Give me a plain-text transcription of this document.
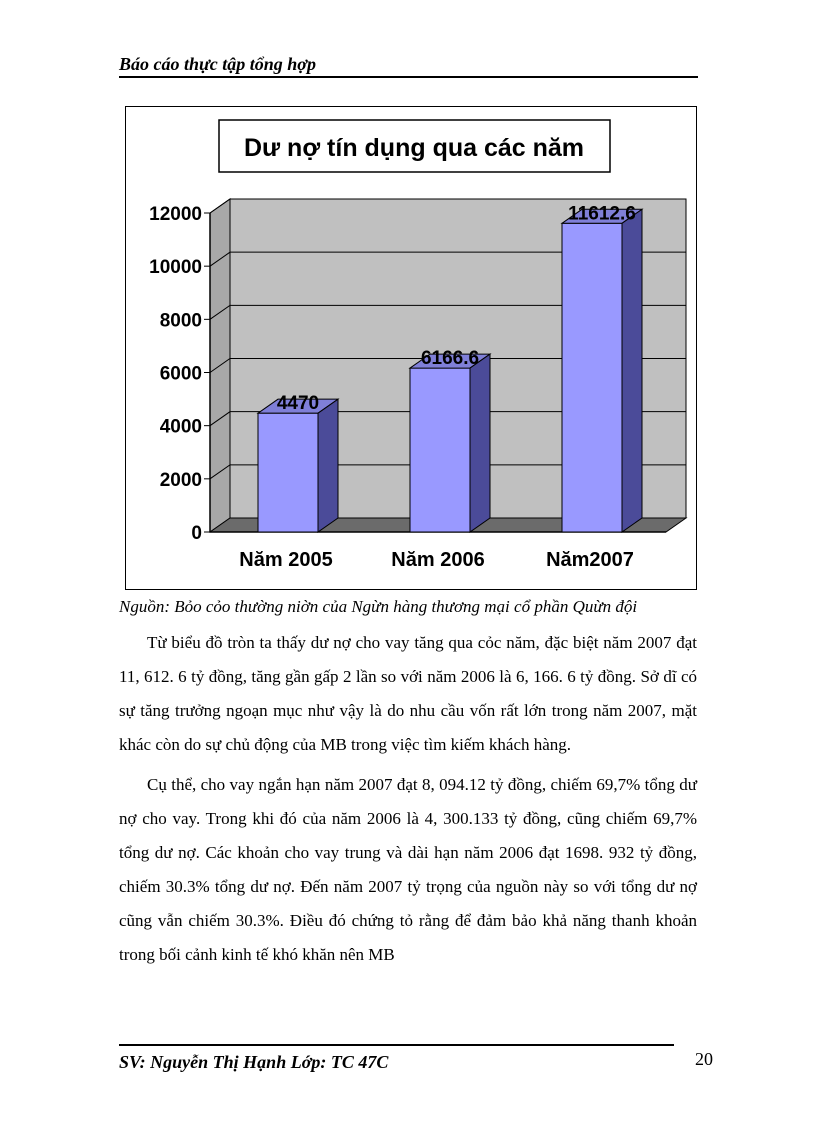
Báo cáo thực tập tổng hợp
Dư nợ tín dụng qua các năm
0
2000
4000
6000
8000
10000
12000
4470
6166.6
11612.6
Năm 2005	Năm 2006	Năm2007
Nguồn: Bỏo cỏo thường niờn của Ngừn hàng thương mại cổ phần Quừn đội

Từ biểu đồ tròn ta thấy dư nợ cho vay tăng qua cỏc năm, đặc biệt năm 2007 đạt 11, 612. 6 tỷ đồng, tăng gần gấp 2 lần so với năm 2006 là 6, 166. 6 tỷ đồng. Sở dĩ có sự tăng trưởng ngoạn mục như vậy là do nhu cầu vốn rất lớn trong năm 2007, mặt khác còn do sự chủ động của MB trong việc tìm kiếm khách hàng.

Cụ thể, cho vay ngắn hạn năm 2007 đạt 8, 094.12 tỷ đồng, chiếm 69,7% tổng dư nợ cho vay. Trong khi đó của năm 2006 là 4, 300.133 tỷ đồng, cũng chiếm 69,7% tổng dư nợ. Các khoản cho vay trung và dài hạn năm 2006 đạt 1698. 932 tỷ đồng, chiếm 30.3% tổng dư nợ. Đến năm 2007 tỷ trọng của nguồn này so với tổng dư nợ cũng vẫn chiếm 30.3%. Điều đó chứng tỏ rằng để đảm bảo khả năng thanh khoản trong bối cảnh kinh tế khó khăn nên MB

SV: Nguyễn Thị Hạnh Lớp: TC 47C	20
